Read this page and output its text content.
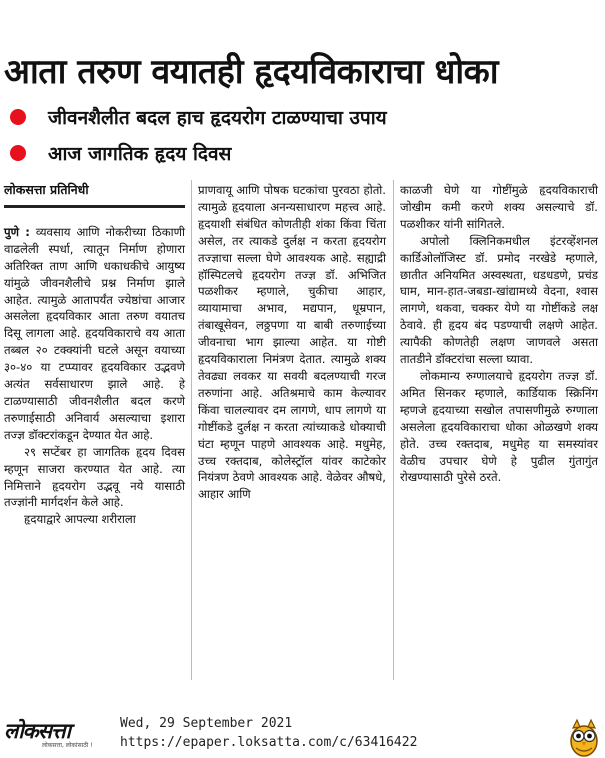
आता तरुण वयातही हृदयविकाराचा धोका
जीवनशैलीत बदल हाच हृदयरोग टाळण्याचा उपाय
आज जागतिक हृदय दिवस
लोकसत्ता प्रतिनिधी

पुणे : व्यवसाय आणि नोकरीच्या ठिकाणी वाढलेली स्पर्धा, त्यातून निर्माण होणारा अतिरिक्त ताण आणि धकाधकीचे आयुष्य यांमुळे जीवनशैलीचे प्रश्न निर्माण झाले आहेत. त्यामुळे आतापर्यंत ज्येष्ठांचा आजार असलेला हृदयविकार आता तरुण वयातच दिसू लागला आहे. हृदयविकाराचे वय आता तब्बल २० टक्क्यांनी घटले असून वयाच्या ३०-४० या टप्प्यावर हृदयविकार उद्भवणे अत्यंत सर्वसाधारण झाले आहे. हे टाळण्यासाठी जीवनशैलीत बदल करणे तरुणाईसाठी अनिवार्य असल्याचा इशारा तज्ज्ञ डॉक्टरांकडून देण्यात येत आहे.

२९ सप्टेंबर हा जागतिक हृदय दिवस म्हणून साजरा करण्यात येत आहे. त्या निमित्ताने हृदयरोग उद्भवू नये यासाठी तज्ज्ञांनी मार्गदर्शन केले आहे.

हृदयाद्वारे आपल्या शरीराला

प्राणवायू आणि पोषक घटकांचा पुरवठा होतो. त्यामुळे हृदयाला अनन्यसाधारण महत्त्व आहे. हृदयाशी संबंधित कोणतीही शंका किंवा चिंता असेल, तर त्याकडे दुर्लक्ष न करता हृदयरोग तज्ज्ञाचा सल्ला घेणे आवश्यक आहे. सह्याद्री हॉस्पिटलचे हृदयरोग तज्ज्ञ डॉ. अभिजित पळशीकर म्हणाले, चुकीचा आहार, व्यायामाचा अभाव, मद्यपान, धूम्रपान, तंबाखूसेवन, लठ्ठपणा या बाबी तरुणाईच्या जीवनाचा भाग झाल्या आहेत. या गोष्टी हृदयविकाराला निमंत्रण देतात. त्यामुळे शक्य तेवढ्या लवकर या सवयी बदलण्याची गरज तरुणांना आहे. अतिश्रमाचे काम केल्यावर किंवा चालल्यावर दम लागणे, धाप लागणे या गोष्टींकडे दुर्लक्ष न करता त्यांच्याकडे धोक्याची घंटा म्हणून पाहणे आवश्यक आहे. मधुमेह, उच्च रक्तदाब, कोलेस्ट्रॉल यांवर काटेकोर नियंत्रण ठेवणे आवश्यक आहे. वेळेवर औषधे, आहार आणि

काळजी घेणे या गोष्टींमुळे हृदयविकाराची जोखीम कमी करणे शक्य असल्याचे डॉ. पळशीकर यांनी सांगितले.

अपोलो क्लिनिकमधील इंटरव्हेंशनल कार्डिओलॉजिस्ट डॉ. प्रमोद नरखेडे म्हणाले, छातीत अनियमित अस्वस्थता, धडधडणे, प्रचंड घाम, मान-हात-जबडा-खांद्यामध्ये वेदना, श्वास लागणे, थकवा, चक्कर येणे या गोष्टींकडे लक्ष ठेवावे. ही हृदय बंद पडण्याची लक्षणे आहेत. त्यापैकी कोणतेही लक्षण जाणवले असता तातडीने डॉक्टरांचा सल्ला घ्यावा.

लोकमान्य रुग्णालयाचे हृदयरोग तज्ज्ञ डॉ. अमित सिनकर म्हणाले, कार्डियाक स्क्रिनिंग म्हणजे हृदयाच्या सखोल तपासणीमुळे रुग्णाला असलेला हृदयविकाराचा धोका ओळखणे शक्य होते. उच्च रक्तदाब, मधुमेह या समस्यांवर वेळीच उपचार घेणे हे पुढील गुंतागुंत रोखण्यासाठी पुरेसे ठरते.

लोकसत्ता
लोकसत्ता, लोकांसाठी !
Wed, 29 September 2021
https://epaper.loksatta.com/c/63416422
